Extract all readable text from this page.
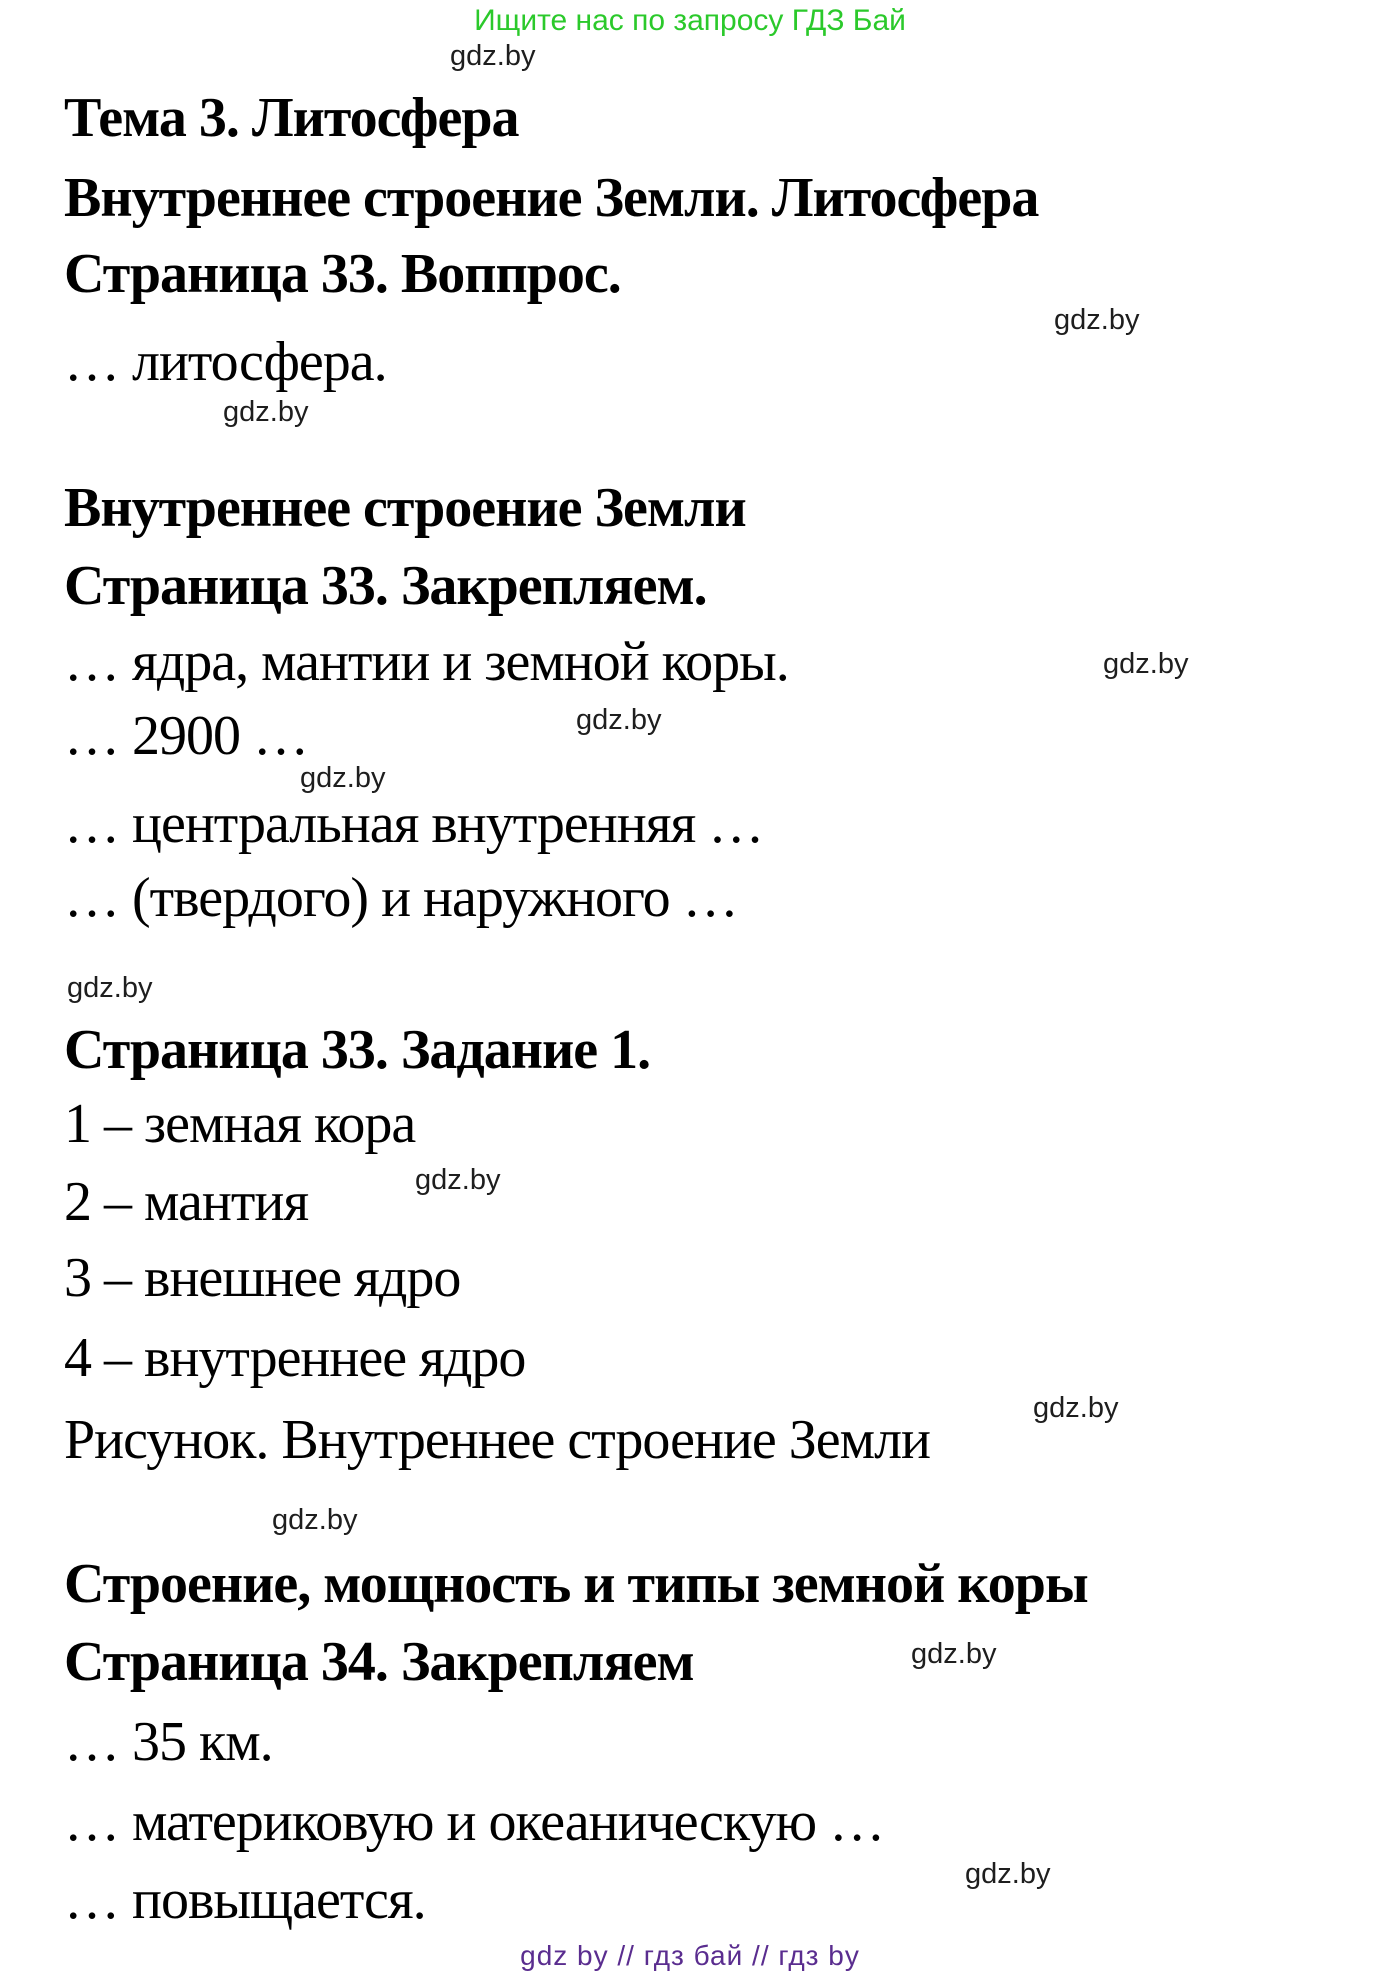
Ищите нас по запросу ГДЗ Бай
gdz.by
gdz.by
gdz.by
gdz.by
gdz.by
gdz.by
gdz.by
gdz.by
gdz.by
gdz.by
gdz.by
gdz.by
Тема 3. Литосфера
Внутреннее строение Земли. Литосфера
Страница 33. Воппрос.
… литосфера.
Внутреннее строение Земли
Страница 33. Закрепляем.
… ядра, мантии и земной коры.
… 2900 …
… центральная внутренняя …
… (твердого) и наружного …
Страница 33. Задание 1.
1 – земная кора
2 – мантия
3 – внешнее ядро
4 – внутреннее ядро
Рисунок. Внутреннее строение Земли
Строение, мощность и типы земной коры
Страница 34. Закрепляем
… 35 км.
… материковую и океаническую …
… повыщается.
gdz by // гдз бай // гдз by
